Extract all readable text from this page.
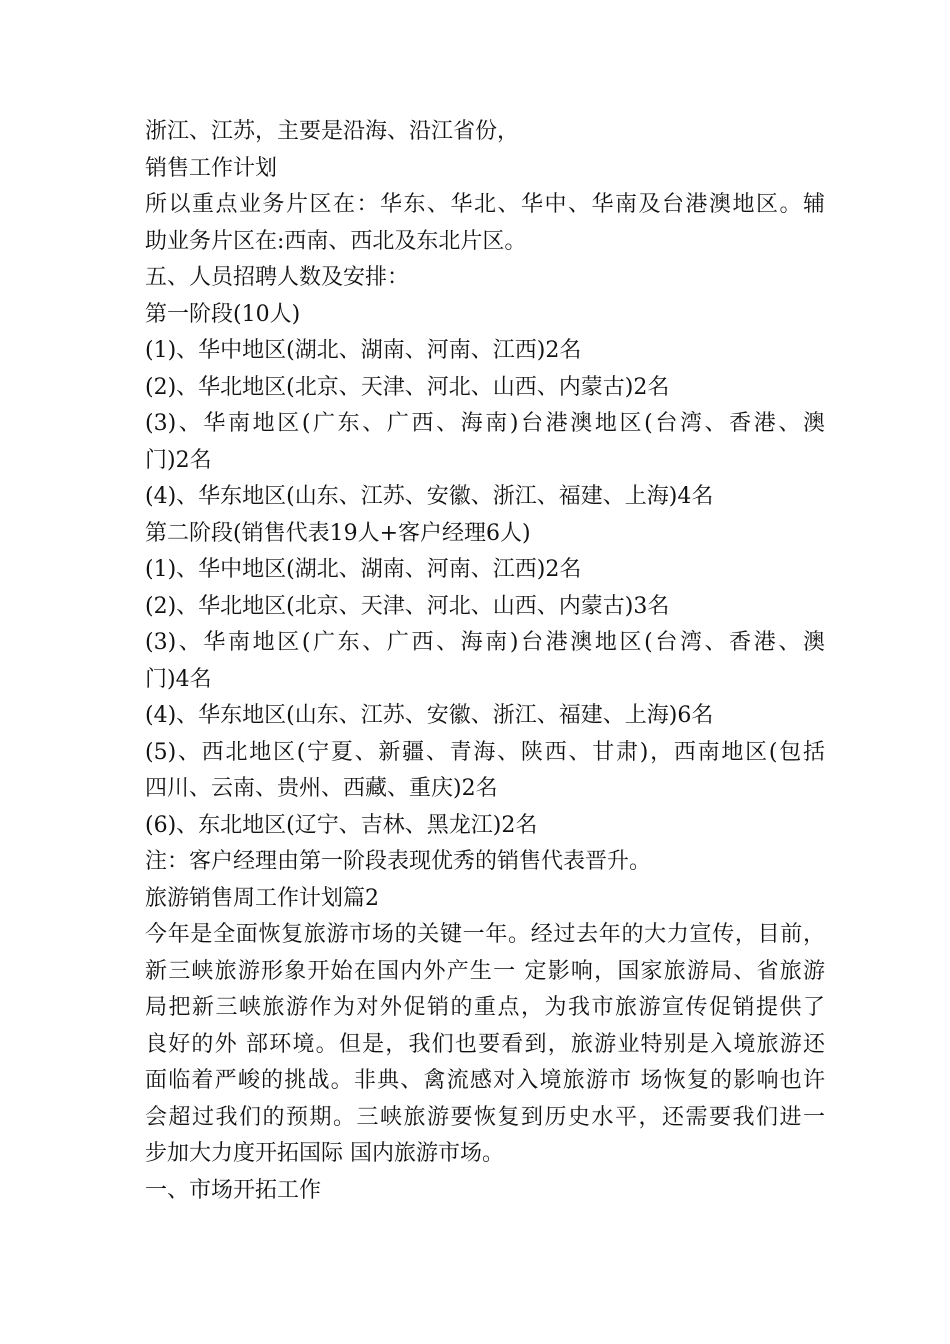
浙江、江苏，主要是沿海、沿江省份，
销售工作计划
所以重点业务片区在：华东、华北、华中、华南及台港澳地区。辅
助业务片区在:西南、西北及东北片区。
五、人员招聘人数及安排：
第一阶段(10人)
(1)、华中地区(湖北、湖南、河南、江西)2名
(2)、华北地区(北京、天津、河北、山西、内蒙古)2名
(3)、华南地区(广东、广西、海南)台港澳地区(台湾、香港、澳
门)2名
(4)、华东地区(山东、江苏、安徽、浙江、福建、上海)4名
第二阶段(销售代表19人+客户经理6人)
(1)、华中地区(湖北、湖南、河南、江西)2名
(2)、华北地区(北京、天津、河北、山西、内蒙古)3名
(3)、华南地区(广东、广西、海南)台港澳地区(台湾、香港、澳
门)4名
(4)、华东地区(山东、江苏、安徽、浙江、福建、上海)6名
(5)、西北地区(宁夏、新疆、青海、陕西、甘肃)，西南地区(包括
四川、云南、贵州、西藏、重庆)2名
(6)、东北地区(辽宁、吉林、黑龙江)2名
注：客户经理由第一阶段表现优秀的销售代表晋升。
旅游销售周工作计划篇2
今年是全面恢复旅游市场的关键一年。经过去年的大力宣传，目前，
新三峡旅游形象开始在国内外产生一 定影响，国家旅游局、省旅游
局把新三峡旅游作为对外促销的重点，为我市旅游宣传促销提供了
良好的外 部环境。但是，我们也要看到，旅游业特别是入境旅游还
面临着严峻的挑战。非典、禽流感对入境旅游市 场恢复的影响也许
会超过我们的预期。三峡旅游要恢复到历史水平，还需要我们进一
步加大力度开拓国际 国内旅游市场。
一、市场开拓工作
